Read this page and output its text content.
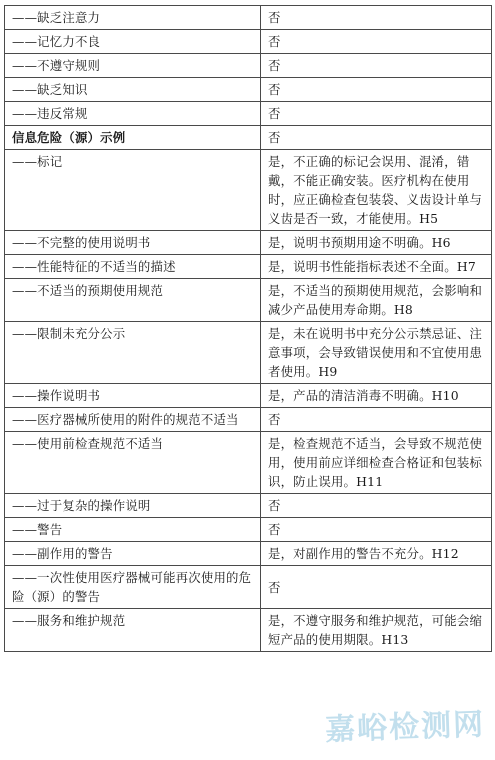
——缺乏注意力	否
——记忆力不良	否
——不遵守规则	否
——缺乏知识	否
——违反常规	否
信息危险（源）示例	否
——标记	是，不正确的标记会误用、混淆，错戴，不能正确安装。医疗机构在使用时，应正确检查包装袋、义齿设计单与义齿是否一致，才能使用。H5
——不完整的使用说明书	是，说明书预期用途不明确。H6
——性能特征的不适当的描述	是，说明书性能指标表述不全面。H7
——不适当的预期使用规范	是，不适当的预期使用规范，会影响和减少产品使用寿命期。H8
——限制未充分公示	是，未在说明书中充分公示禁忌证、注意事项，会导致错误使用和不宜使用患者使用。H9
——操作说明书	是，产品的清洁消毒不明确。H10
——医疗器械所使用的附件的规范不适当	否
——使用前检查规范不适当	是，检查规范不适当，会导致不规范使用，使用前应详细检查合格证和包装标识，防止误用。H11
——过于复杂的操作说明	否
——警告	否
——副作用的警告	是，对副作用的警告不充分。H12
——一次性使用医疗器械可能再次使用的危险（源）的警告	否
——服务和维护规范	是，不遵守服务和维护规范，可能会缩短产品的使用期限。H13
嘉峪检测网
